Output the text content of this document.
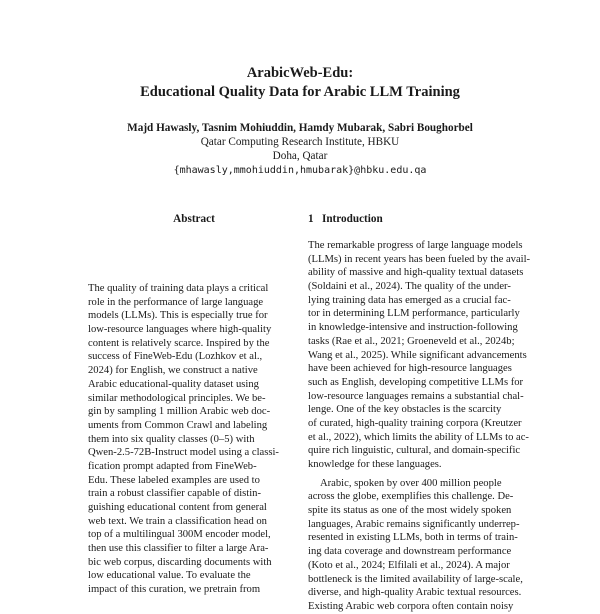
ArabicWeb-Edu:
Educational Quality Data for Arabic LLM Training
Majd Hawasly, Tasnim Mohiuddin, Hamdy Mubarak, Sabri Boughorbel
Qatar Computing Research Institute, HBKU
Doha, Qatar
{mhawasly,mmohiuddin,hmubarak}@hbku.edu.qa
Abstract	1 Introduction
The quality of training data plays a critical
role in the performance of large language
models (LLMs). This is especially true for
low-resource languages where high-quality
content is relatively scarce. Inspired by the
success of FineWeb-Edu (Lozhkov et al.,
2024) for English, we construct a native
Arabic educational-quality dataset using
similar methodological principles. We be-
gin by sampling 1 million Arabic web doc-
uments from Common Crawl and labeling
them into six quality classes (0–5) with
Qwen-2.5-72B-Instruct model using a classi-
fication prompt adapted from FineWeb-
Edu. These labeled examples are used to
train a robust classifier capable of distin-
guishing educational content from general
web text. We train a classification head on
top of a multilingual 300M encoder model,
then use this classifier to filter a large Ara-
bic web corpus, discarding documents with
low educational value. To evaluate the
impact of this curation, we pretrain from
The remarkable progress of large language models
(LLMs) in recent years has been fueled by the avail-
ability of massive and high-quality textual datasets
(Soldaini et al., 2024). The quality of the under-
lying training data has emerged as a crucial fac-
tor in determining LLM performance, particularly
in knowledge-intensive and instruction-following
tasks (Rae et al., 2021; Groeneveld et al., 2024b;
Wang et al., 2025). While significant advancements
have been achieved for high-resource languages
such as English, developing competitive LLMs for
low-resource languages remains a substantial chal-
lenge. One of the key obstacles is the scarcity
of curated, high-quality training corpora (Kreutzer
et al., 2022), which limits the ability of LLMs to ac-
quire rich linguistic, cultural, and domain-specific
knowledge for these languages.
Arabic, spoken by over 400 million people
across the globe, exemplifies this challenge. De-
spite its status as one of the most widely spoken
languages, Arabic remains significantly underrep-
resented in existing LLMs, both in terms of train-
ing data coverage and downstream performance
(Koto et al., 2024; Elfilali et al., 2024). A major
bottleneck is the limited availability of large-scale,
diverse, and high-quality Arabic textual resources.
Existing Arabic web corpora often contain noisy
